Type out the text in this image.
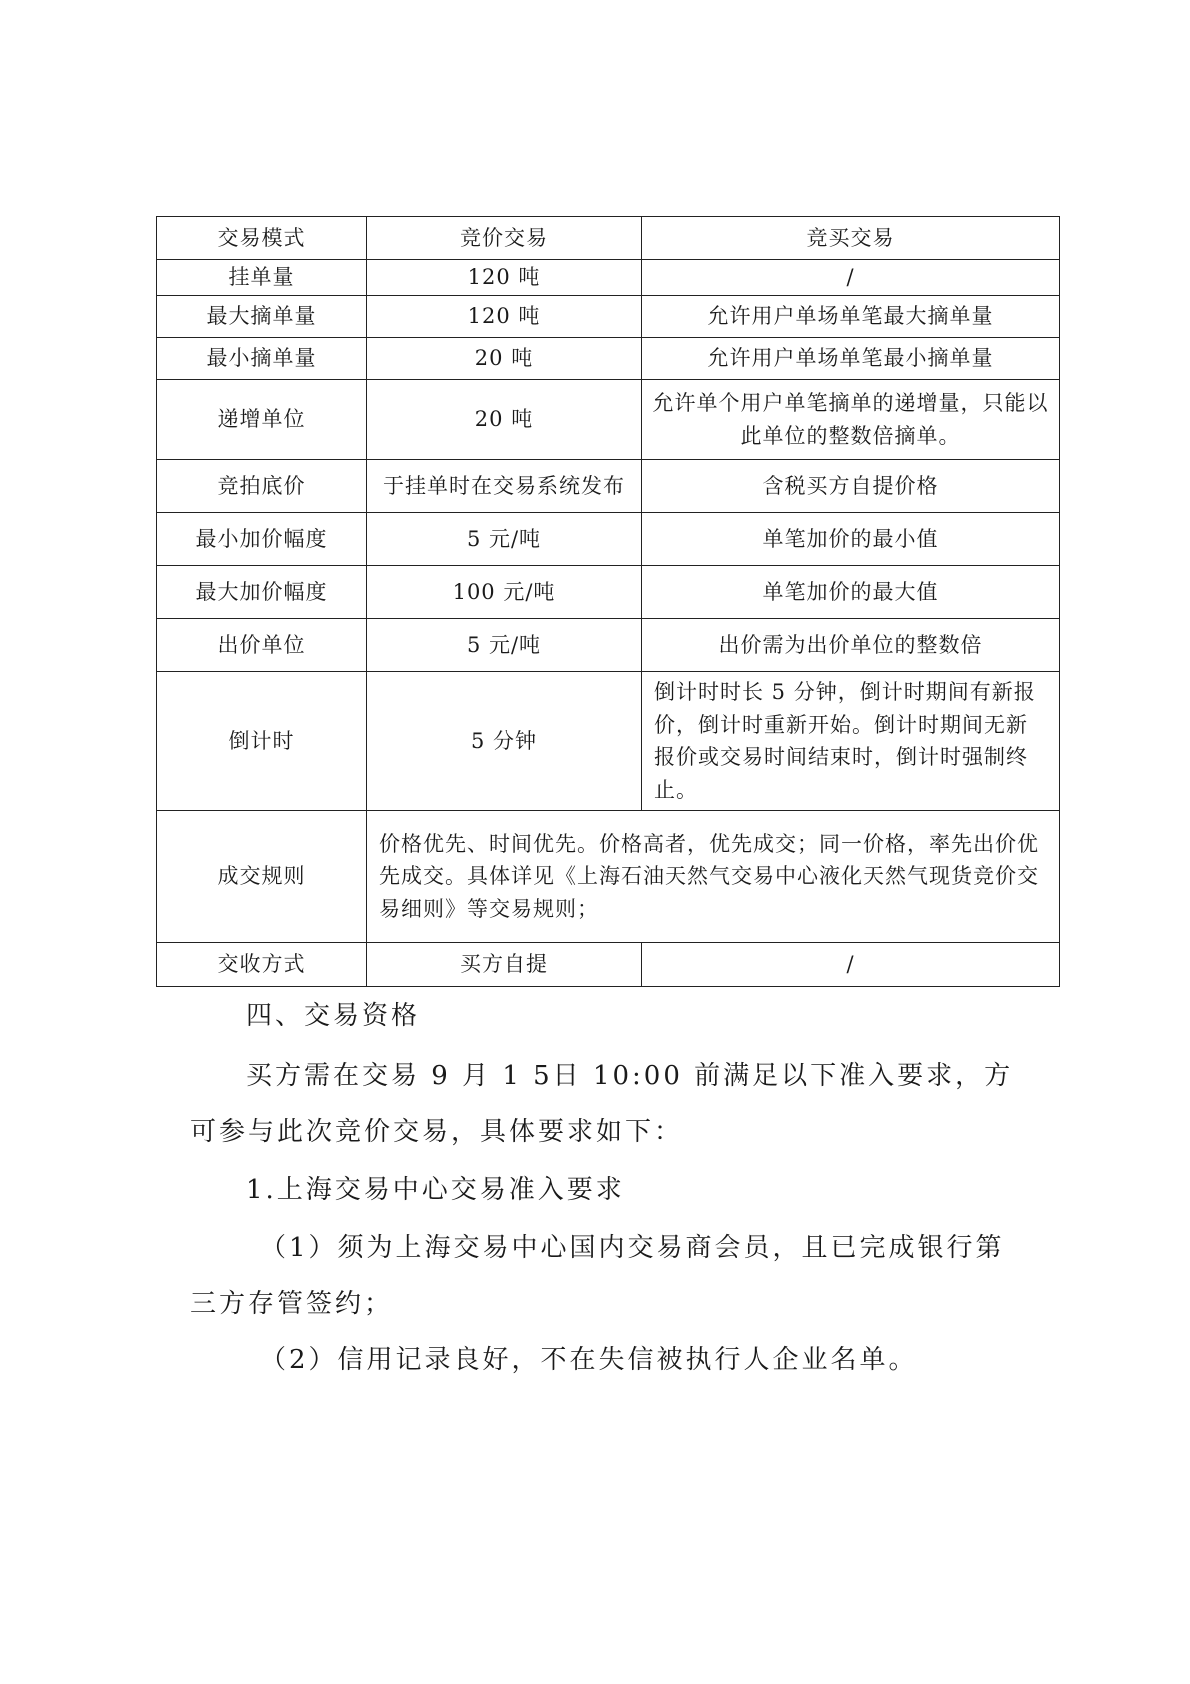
交易模式	竞价交易	竞买交易
挂单量	120 吨	/
最大摘单量	120 吨	允许用户单场单笔最大摘单量
最小摘单量	20 吨	允许用户单场单笔最小摘单量
递增单位	20 吨	允许单个用户单笔摘单的递增量，只能以此单位的整数倍摘单。
竞拍底价	于挂单时在交易系统发布	含税买方自提价格
最小加价幅度	5 元/吨	单笔加价的最小值
最大加价幅度	100 元/吨	单笔加价的最大值
出价单位	5 元/吨	出价需为出价单位的整数倍
倒计时	5 分钟	倒计时时长 5 分钟，倒计时期间有新报价，倒计时重新开始。倒计时期间无新报价或交易时间结束时，倒计时强制终止。
成交规则	价格优先、时间优先。价格高者，优先成交；同一价格，率先出价优先成交。具体详见《上海石油天然气交易中心液化天然气现货竞价交易细则》等交易规则；	
交收方式	买方自提	/
四、交易资格
买方需在交易 9 月 1 5日 10:00 前满足以下准入要求，方
可参与此次竞价交易，具体要求如下：
1.上海交易中心交易准入要求
（1）须为上海交易中心国内交易商会员，且已完成银行第
三方存管签约；
（2）信用记录良好，不在失信被执行人企业名单。
